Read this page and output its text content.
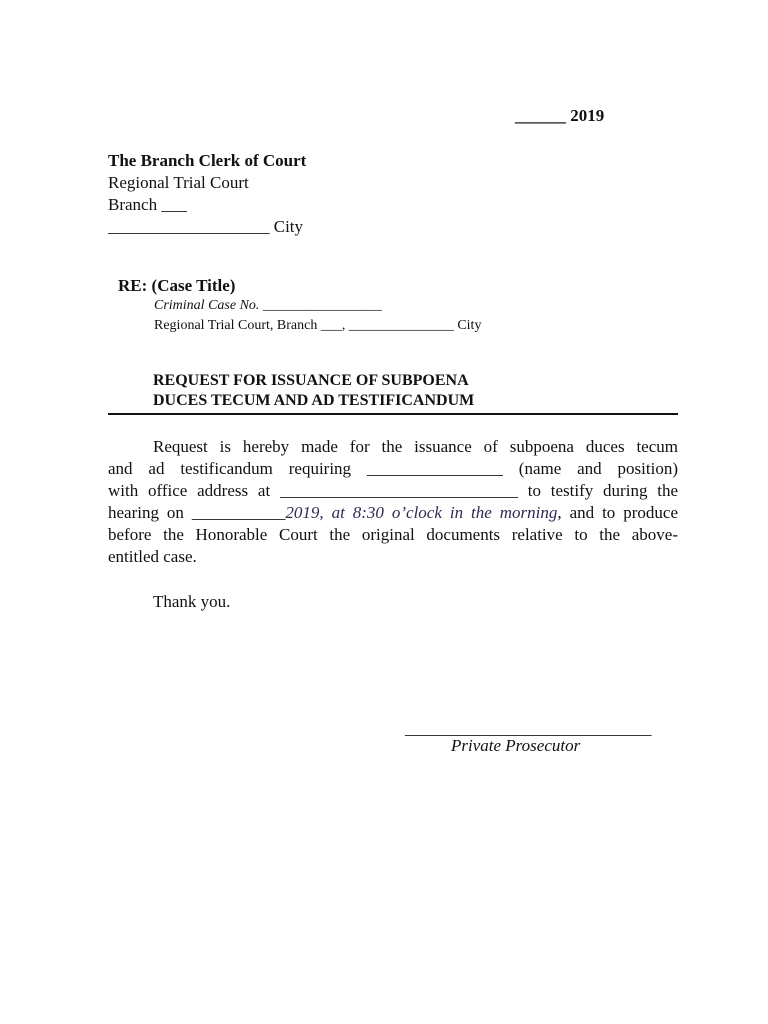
______ 2019
The Branch Clerk of Court
Regional Trial Court
Branch ___
___________________ City
RE: (Case Title)
Criminal Case No. _________________
Regional Trial Court, Branch ___, _______________ City
REQUEST FOR ISSUANCE OF SUBPOENA
DUCES TECUM AND AD TESTIFICANDUM
Request is hereby made for the issuance of subpoena duces tecum
and ad testificandum requiring ________________ (name and position)
with office address at ____________________________ to testify during the
hearing on ___________2019, at 8:30 o’clock in the morning, and to produce
before the Honorable Court the original documents relative to the above-
entitled case.
Thank you.
_____________________________
Private Prosecutor
